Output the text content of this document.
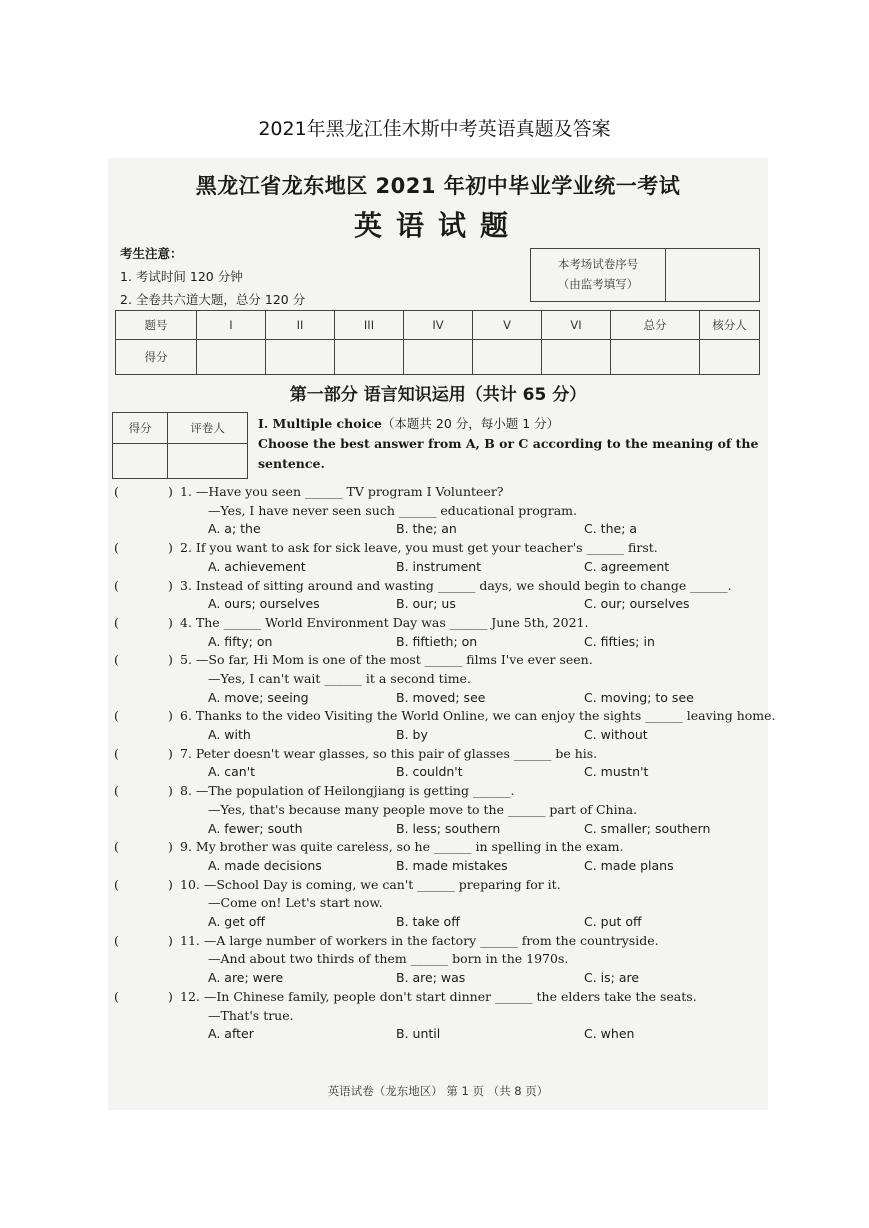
2021年黑龙江佳木斯中考英语真题及答案
黑龙江省龙东地区 2021 年初中毕业学业统一考试
英语试题
考生注意：
1. 考试时间 120 分钟
2. 全卷共六道大题，总分 120 分
本考场试卷序号
（由监考填写）
题号	I	II	III	IV	V	VI	总分	核分人
得分								
第一部分 语言知识运用（共计 65 分）
得分	评卷人
		I. Multiple choice（本题共 20 分，每小题 1 分）
Choose the best answer from A, B or C according to the meaning of the sentence.
(	) 1. —Have you seen ______ TV program I Volunteer?
—Yes, I have never seen such ______ educational program.
A. a; the	B. the; an	C. the; a
(	) 2. If you want to ask for sick leave, you must get your teacher's ______ first.
A. achievement	B. instrument	C. agreement
(	) 3. Instead of sitting around and wasting ______ days, we should begin to change ______.
A. ours; ourselves	B. our; us	C. our; ourselves
(	) 4. The ______ World Environment Day was ______ June 5th, 2021.
A. fifty; on	B. fiftieth; on	C. fifties; in
(	) 5. —So far, Hi Mom is one of the most ______ films I've ever seen.
—Yes, I can't wait ______ it a second time.
A. move; seeing	B. moved; see	C. moving; to see
(	) 6. Thanks to the video Visiting the World Online, we can enjoy the sights ______ leaving home.
A. with	B. by	C. without
(	) 7. Peter doesn't wear glasses, so this pair of glasses ______ be his.
A. can't	B. couldn't	C. mustn't
(	) 8. —The population of Heilongjiang is getting ______.
—Yes, that's because many people move to the ______ part of China.
A. fewer; south	B. less; southern	C. smaller; southern
(	) 9. My brother was quite careless, so he ______ in spelling in the exam.
A. made decisions	B. made mistakes	C. made plans
(	) 10. —School Day is coming, we can't ______ preparing for it.
—Come on! Let's start now.
A. get off	B. take off	C. put off
(	) 11. —A large number of workers in the factory ______ from the countryside.
—And about two thirds of them ______ born in the 1970s.
A. are; were	B. are; was	C. is; are
(	) 12. —In Chinese family, people don't start dinner ______ the elders take the seats.
—That's true.
A. after	B. until	C. when
英语试卷（龙东地区） 第 1 页 （共 8 页）
